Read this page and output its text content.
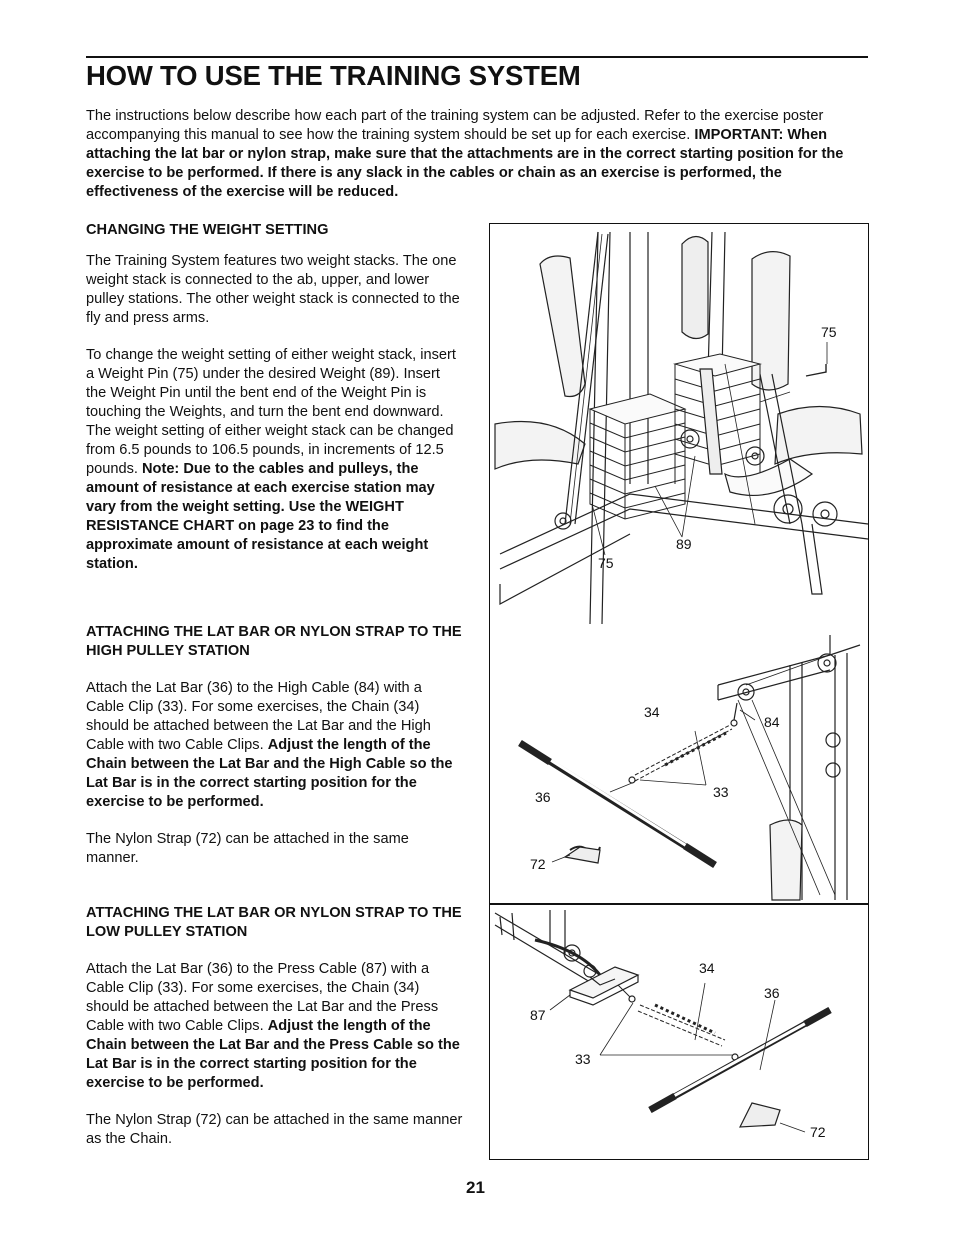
HOW TO USE THE TRAINING SYSTEM

The instructions below describe how each part of the training system can be adjusted. Refer to the exercise poster accompanying this manual to see how the training system should be set up for each exercise. IMPORTANT: When attaching the lat bar or nylon strap, make sure that the attachments are in the correct starting position for the exercise to be performed. If there is any slack in the cables or chain as an exercise is performed, the effectiveness of the exercise will be reduced.

CHANGING THE WEIGHT SETTING

The Training System features two weight stacks. The one weight stack is connected to the ab, upper, and lower pulley stations. The other weight stack is connected to the fly and press arms.

To change the weight setting of either weight stack, insert a Weight Pin (75) under the desired Weight (89). Insert the Weight Pin until the bent end of the Weight Pin is touching the Weights, and turn the bent end downward. The weight setting of either weight stack can be changed from 6.5 pounds to 106.5 pounds, in increments of 12.5 pounds. Note: Due to the cables and pulleys, the amount of resistance at each exercise station may vary from the weight setting. Use the WEIGHT RESISTANCE CHART on page 23 to find the approximate amount of resistance at each weight station.

ATTACHING THE LAT BAR OR NYLON STRAP TO THE HIGH PULLEY STATION

Attach the Lat Bar (36) to the High Cable (84) with a Cable Clip (33). For some exercises, the Chain (34) should be attached between the Lat Bar and the High Cable with two Cable Clips. Adjust the length of the Chain between the Lat Bar and the High Cable so the Lat Bar is in the correct starting position for the exercise to be performed.

The Nylon Strap (72) can be attached in the same manner.

ATTACHING THE LAT BAR OR NYLON STRAP TO THE LOW PULLEY STATION

Attach the Lat Bar (36) to the Press Cable (87) with a Cable Clip (33). For some exercises, the Chain (34) should be attached between the Lat Bar and the Press Cable with two Cable Clips. Adjust the length of the Chain between the Lat Bar and the Press Cable so the Lat Bar is in the correct starting position for the exercise to be performed.

The Nylon Strap (72) can be attached in the same manner as the Chain.

75
75
89
34
84
33
36
72
34
36
87
33
72
21
